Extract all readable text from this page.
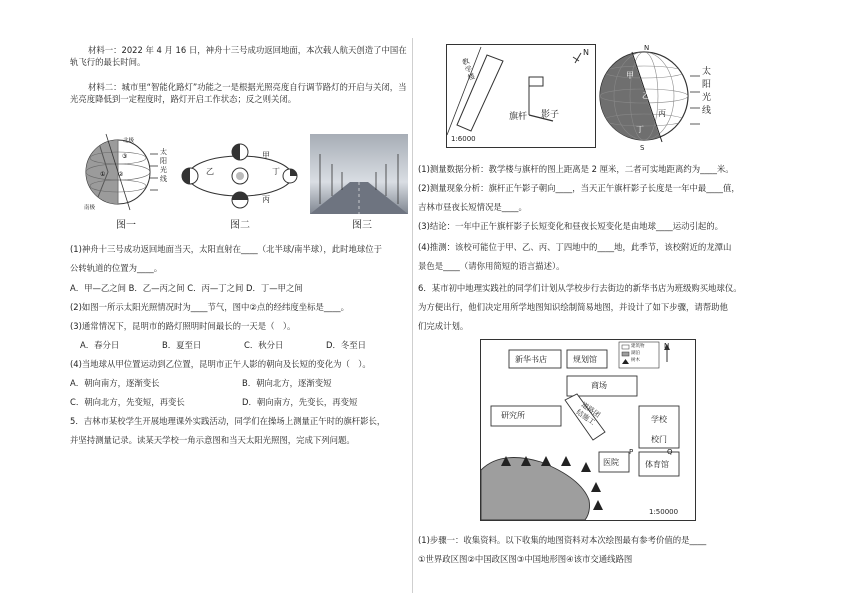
材料一：2022 年 4 月 16 日，神舟十三号成功返回地面，本次载人航天创造了中国在轨飞行的最长时间。

材料二：城市里“智能化路灯”功能之一是根据光照亮度自行调节路灯的开启与关闭，当光亮度降低到一定程度时，路灯开启工作状态；反之则关闭。

① ②
③
北极
南极
太阳光线
图一
甲
乙
丙
丁
图二	图三

(1)神舟十三号成功返回地面当天，太阳直射在____（北半球/南半球），此时地球位于

公转轨道的位置为____。

A．甲—乙之间 B．乙—丙之间 C．丙—丁之间 D．丁—甲之间

(2)如图一所示太阳光照情况时为____节气，图中②点的经纬度坐标是____。

(3)通常情况下，昆明市的路灯照明时间最长的一天是（　）。

A．春分日	B．夏至日	C．秋分日	D．冬至日

(4)当地球从甲位置运动到乙位置，昆明市正午人影的朝向及长短的变化为（　）。

A．朝向南方，逐渐变长	B．朝向北方，逐渐变短
C．朝向北方，先变短，再变长	D．朝向南方，先变长，再变短

5．吉林市某校学生开展地理课外实践活动，同学们在操场上测量正午时的旗杆影长，

并坚持测量记录。读某天学校一角示意图和当天太阳光照图，完成下列问题。

教学楼
旗杆 影子
N
1:6000
甲
乙
丙
丁
N
S
太阳光线

(1)测量数据分析：教学楼与旗杆的图上距离是 2 厘米，二者可实地距离约为____米。

(2)测量现象分析：旗杆正午影子朝向____，当天正午旗杆影子长度是一年中最____值，

吉林市昼夜长短情况是____。

(3)结论：一年中正午旗杆影子长短变化和昼夜长短变化是由地球____运动引起的。

(4)推测：该校可能位于甲、乙、丙、丁四地中的____地，此季节，该校附近的龙潭山

景色是____（请你用简短的语言描述）。

6．某市初中地理实践社的同学们计划从学校步行去街边的新华书店为班级购买地球仪。

为方便出行，他们决定用所学地图知识绘制简易地图，并设计了如下步骤，请帮助他

们完成计划。

新华书店	规划馆
商场
研究所	道路团结施工	学校
校门
医院	体育馆
P	Q
1:50000
N
建筑物
湖泊
树木

(1)步骤一：收集资料。以下收集的地图资料对本次绘图最有参考价值的是____

①世界政区图②中国政区图③中国地形图④该市交通线路图
